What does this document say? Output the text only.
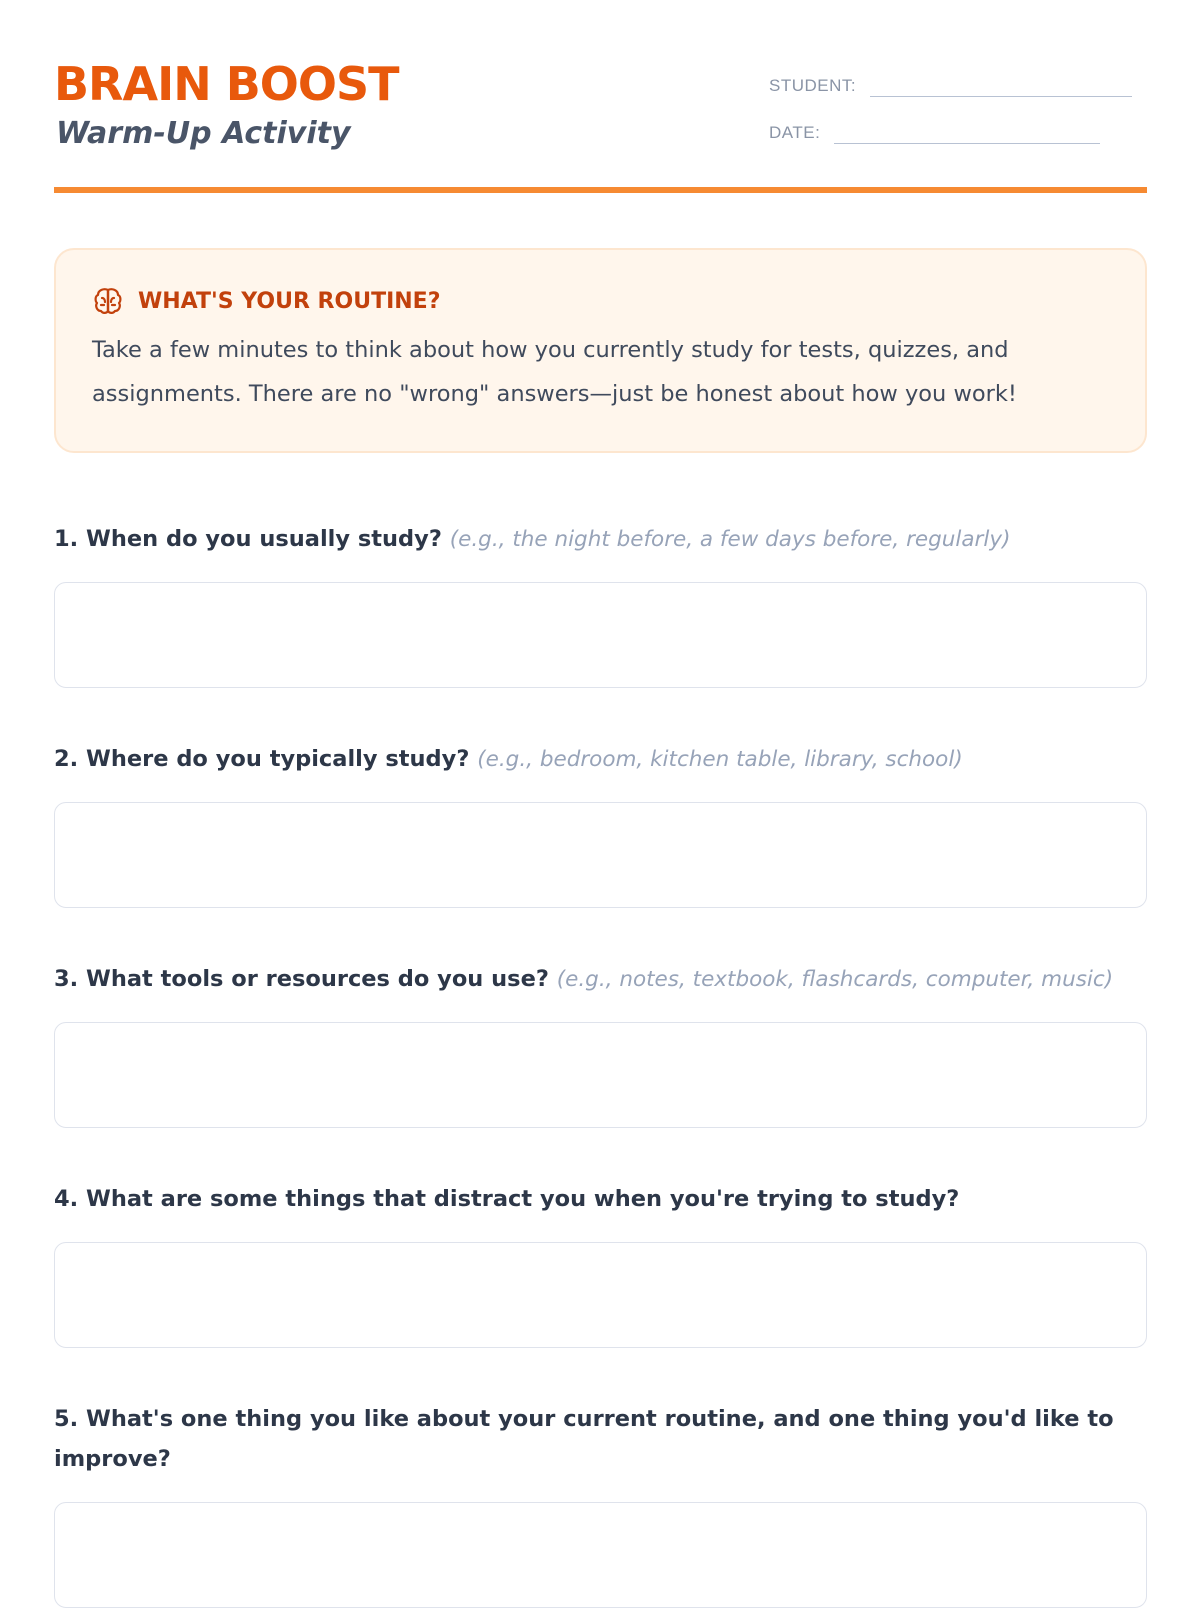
BRAIN BOOST
Warm-Up Activity
STUDENT:
DATE:
WHAT'S YOUR ROUTINE?

Take a few minutes to think about how you currently study for tests, quizzes, and assignments. There are no "wrong" answers—just be honest about how you work!

1. When do you usually study? (e.g., the night before, a few days before, regularly)
2. Where do you typically study? (e.g., bedroom, kitchen table, library, school)
3. What tools or resources do you use? (e.g., notes, textbook, flashcards, computer, music)
4. What are some things that distract you when you're trying to study?
5. What's one thing you like about your current routine, and one thing you'd like to improve?
